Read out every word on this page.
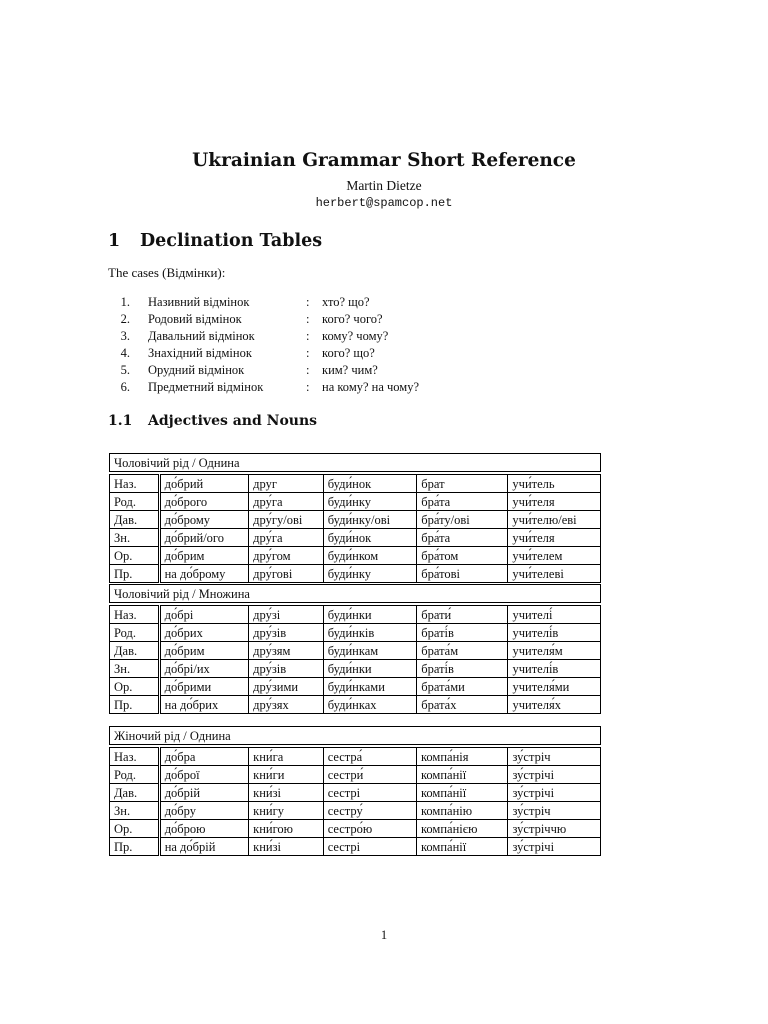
Ukrainian Grammar Short Reference
Martin Dietze
herbert@spamcop.net
1 Declination Tables
The cases (Відмінки):
1. Називний відмінок	: хто? що?
2. Родовий відмінок	: кого? чого?
3. Давальний відмінок	: кому? чому?
4. Знахідний відмінок	: кого? що?
5. Орудний відмінок	: ким? чим?
6. Предметний відмінок	: на кому? на чому?
1.1 Adjectives and Nouns
Чоловічий рід / Однина					

Наз.	до́брий	друг	буди́нок	брат	учи́тель
Род.	до́брого	дру́га	буди́нку	бра́та	учи́теля
Дав.	до́брому	дру́гу/ові	буди́нку/ові	бра́ту/ові	учи́телю/еві
Зн.	до́брий/ого	дру́га	буди́нок	бра́та	учи́теля
Ор.	до́брим	дру́гом	буди́нком	бра́том	учи́телем
Пр.	на до́брому	дру́гові	буди́нку	бра́тові	учи́телеві
Чоловічий рід / Множина					

Наз.	до́брі	дру́зі	буди́нки	брати́	учителі́
Род.	до́брих	дру́зів	буди́нків	браті́в	учителі́в
Дав.	до́брим	дру́зям	буди́нкам	брата́м	учителя́м
Зн.	до́брі/их	дру́зів	буди́нки	браті́в	учителі́в
Ор.	до́брими	дру́зими	буди́нками	брата́ми	учителя́ми
Пр.	на до́брих	дру́зях	буди́нках	брата́х	учителя́х
Жіночий рід / Однина					

Наз.	до́бра	кни́га	сестра́	компа́нія	зу́стріч
Род.	до́брої	кни́ги	сестри́	компа́нії	зу́стрічі
Дав.	до́брій	кни́зі	сестрі	компа́нії	зу́стрічі
Зн.	до́бру	кни́гу	сестру́	компа́нію	зу́стріч
Ор.	до́брою	кни́гою	сестро́ю	компа́нією	зу́стріччю
Пр.	на до́брій	кни́зі	сестрі	компа́нії	зу́стрічі
1
